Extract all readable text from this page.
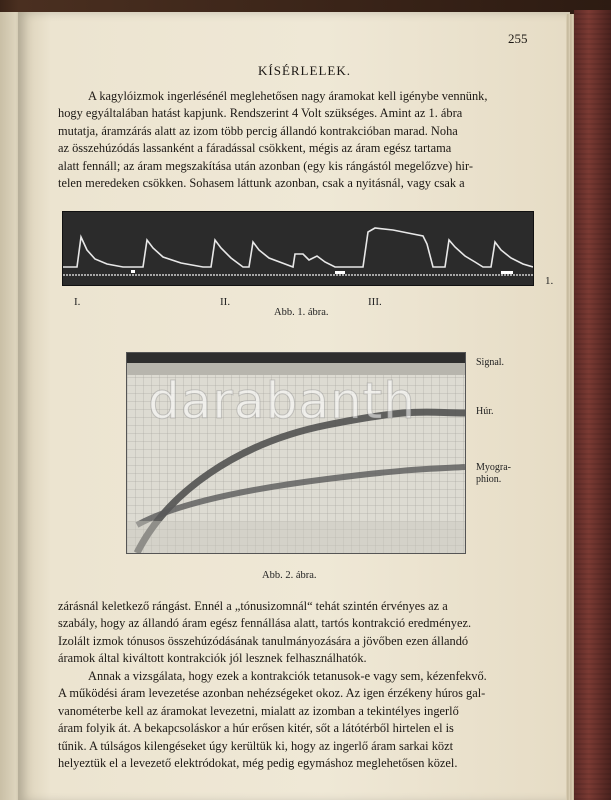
255
KÍSÉRLELEK.
A kagylóizmok ingerlésénél meglehetősen nagy áramokat kell igénybe vennünk,
hogy egyáltalában hatást kapjunk. Rendszerint 4 Volt szükséges. Amint az 1. ábra
mutatja, áramzárás alatt az izom több percig állandó kontrakcióban marad. Noha
az összehúzódás lassanként a fáradással csökkent, mégis az áram egész tartama
alatt fennáll; az áram megszakítása után azonban (egy kis rángástól megelőzve) hir-
telen meredeken csökken. Sohasem láttunk azonban, csak a nyitásnál, vagy csak a
I.	II.	III.
1.
Abb. 1. ábra.
darabanth
Signal.
Húr.
Myogra-
phion.
Abb. 2. ábra.
zárásnál keletkező rángást. Ennél a „tónusizomnál“ tehát szintén érvényes az a
szabály, hogy az állandó áram egész fennállása alatt, tartós kontrakció eredményez.
Izolált izmok tónusos összehúzódásának tanulmányozására a jövőben ezen állandó
áramok által kiváltott kontrakciók jól lesznek felhasználhatók.
Annak a vizsgálata, hogy ezek a kontrakciók tetanusok-e vagy sem, kézenfekvő.
A működési áram levezetése azonban nehézségeket okoz. Az igen érzékeny húros gal-
vanométerbe kell az áramokat levezetni, mialatt az izomban a tekintélyes ingerlő
áram folyik át. A bekapcsoláskor a húr erősen kitér, sőt a látótérből hirtelen el is
tűnik. A túlságos kilengéseket úgy kerültük ki, hogy az ingerlő áram sarkai közt
helyeztük el a levezető elektródokat, még pedig egymáshoz meglehetősen közel.
